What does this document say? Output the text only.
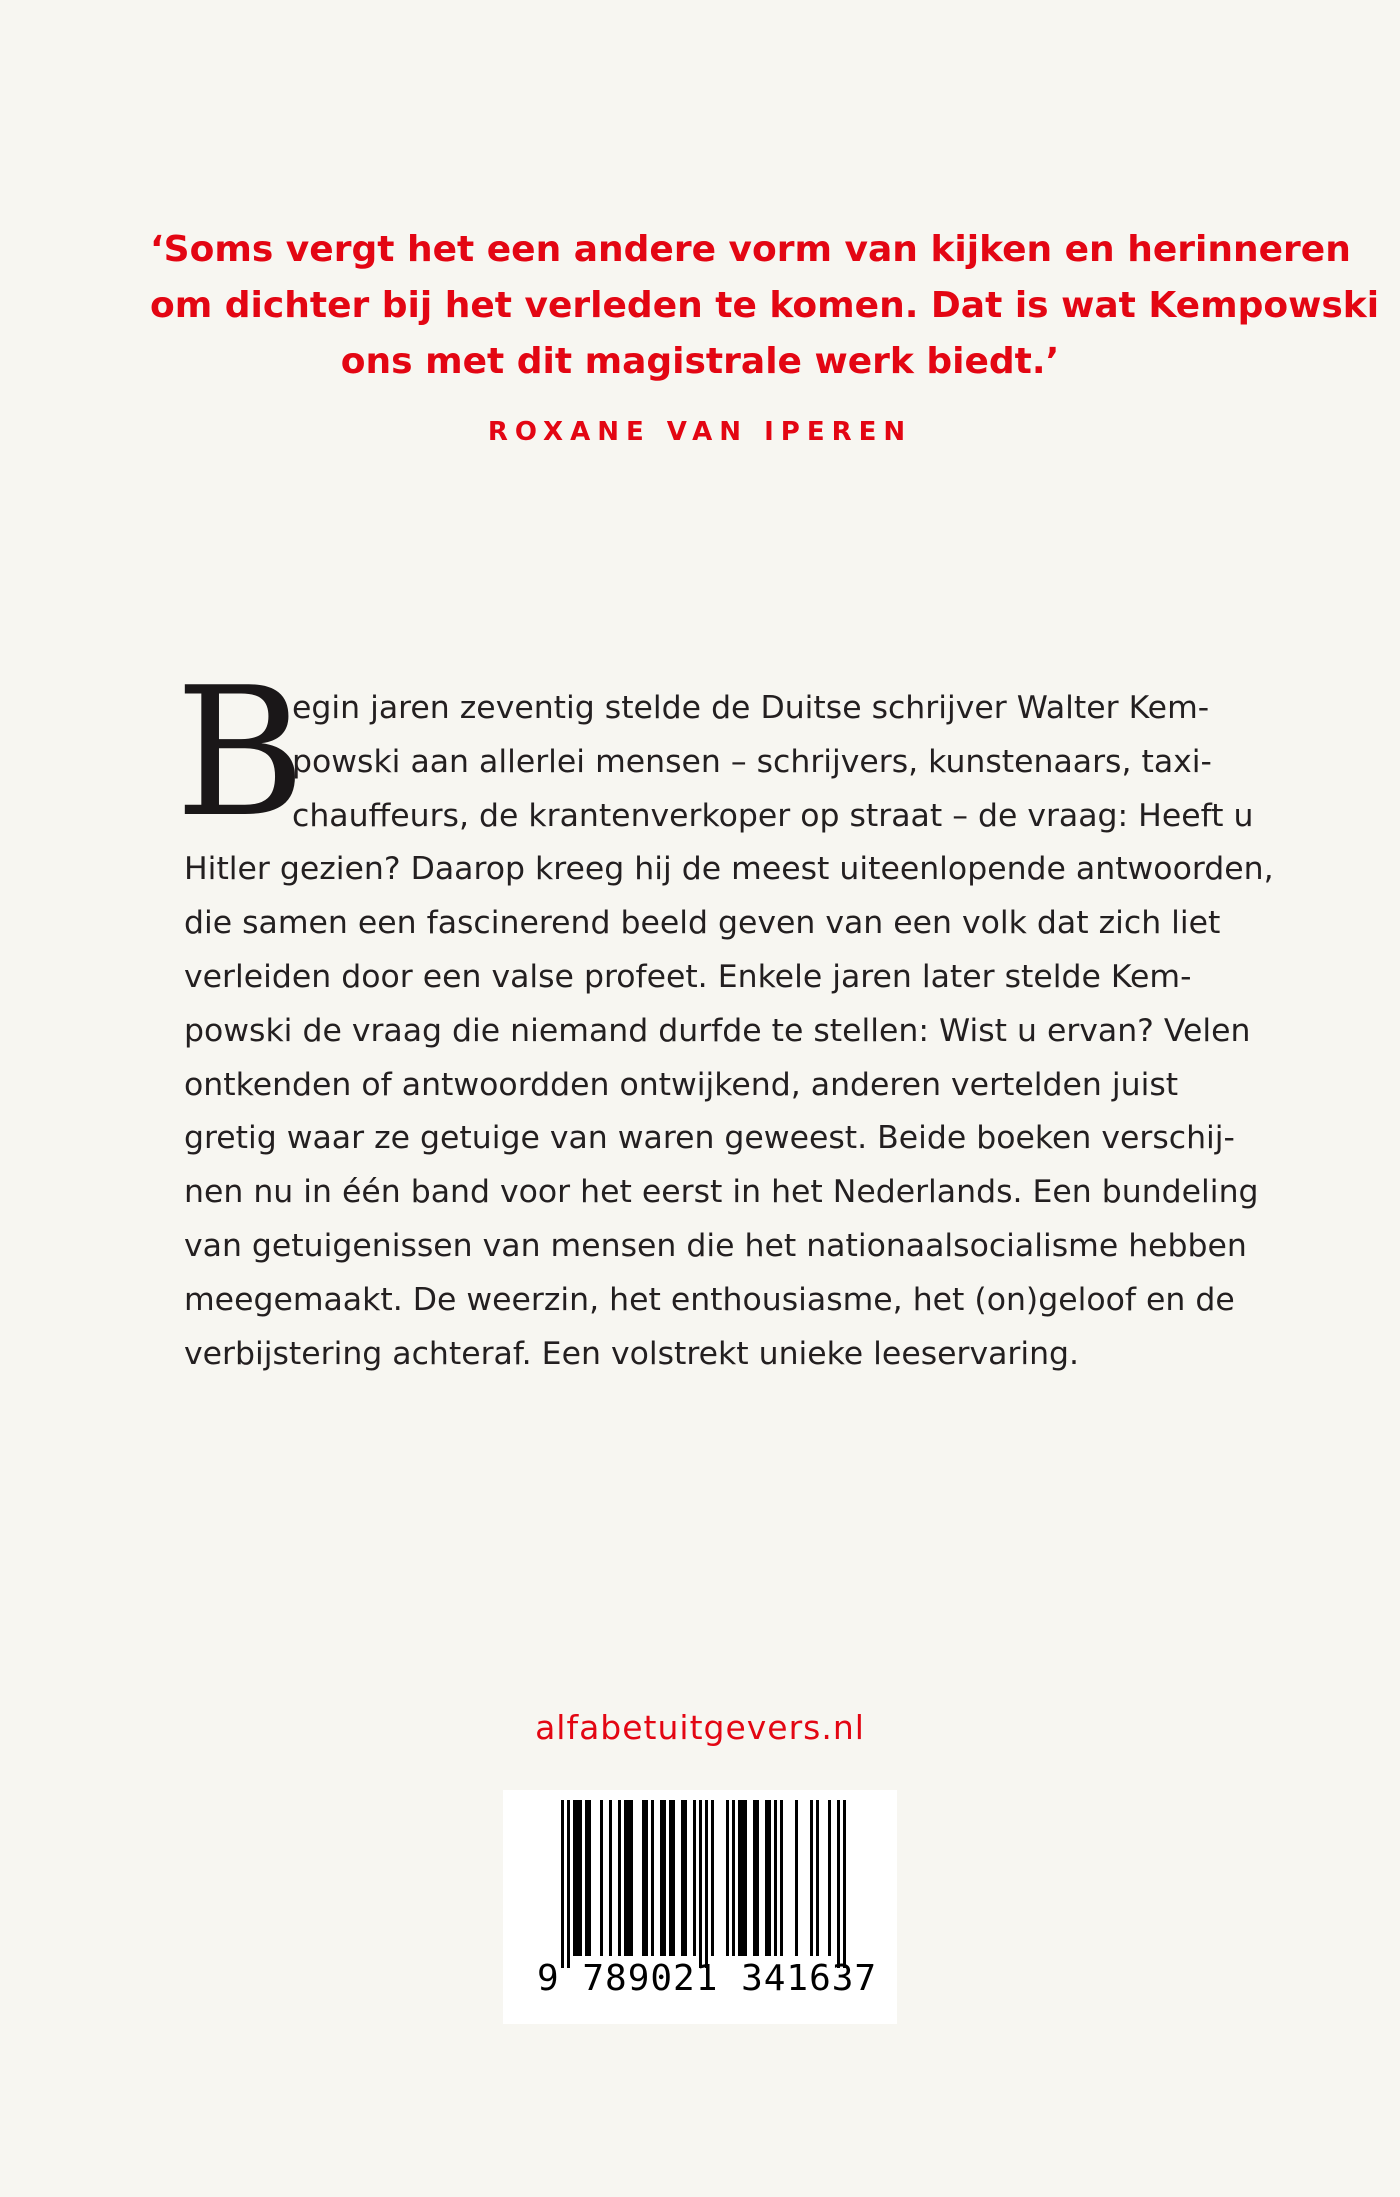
‘Soms vergt het een andere vorm van kijken en herinneren
om dichter bij het verleden te komen. Dat is wat Kempowski
ons met dit magistrale werk biedt.’
ROXANE VAN IPEREN
B
egin jaren zeventig stelde de Duitse schrijver Walter Kem-
powski aan allerlei mensen – schrijvers, kunstenaars, taxi-
chauffeurs, de krantenverkoper op straat – de vraag: Heeft u
Hitler gezien? Daarop kreeg hij de meest uiteenlopende antwoorden,
die samen een fascinerend beeld geven van een volk dat zich liet
verleiden door een valse profeet. Enkele jaren later stelde Kem-
powski de vraag die niemand durfde te stellen: Wist u ervan? Velen
ontkenden of antwoordden ontwijkend, anderen vertelden juist
gretig waar ze getuige van waren geweest. Beide boeken verschij-
nen nu in één band voor het eerst in het Nederlands. Een bundeling
van getuigenissen van mensen die het nationaalsocialisme hebben
meegemaakt. De weerzin, het enthousiasme, het (on)geloof en de
verbijstering achteraf. Een volstrekt unieke leeservaring.
alfabetuitgevers.nl
9 789021 341637
